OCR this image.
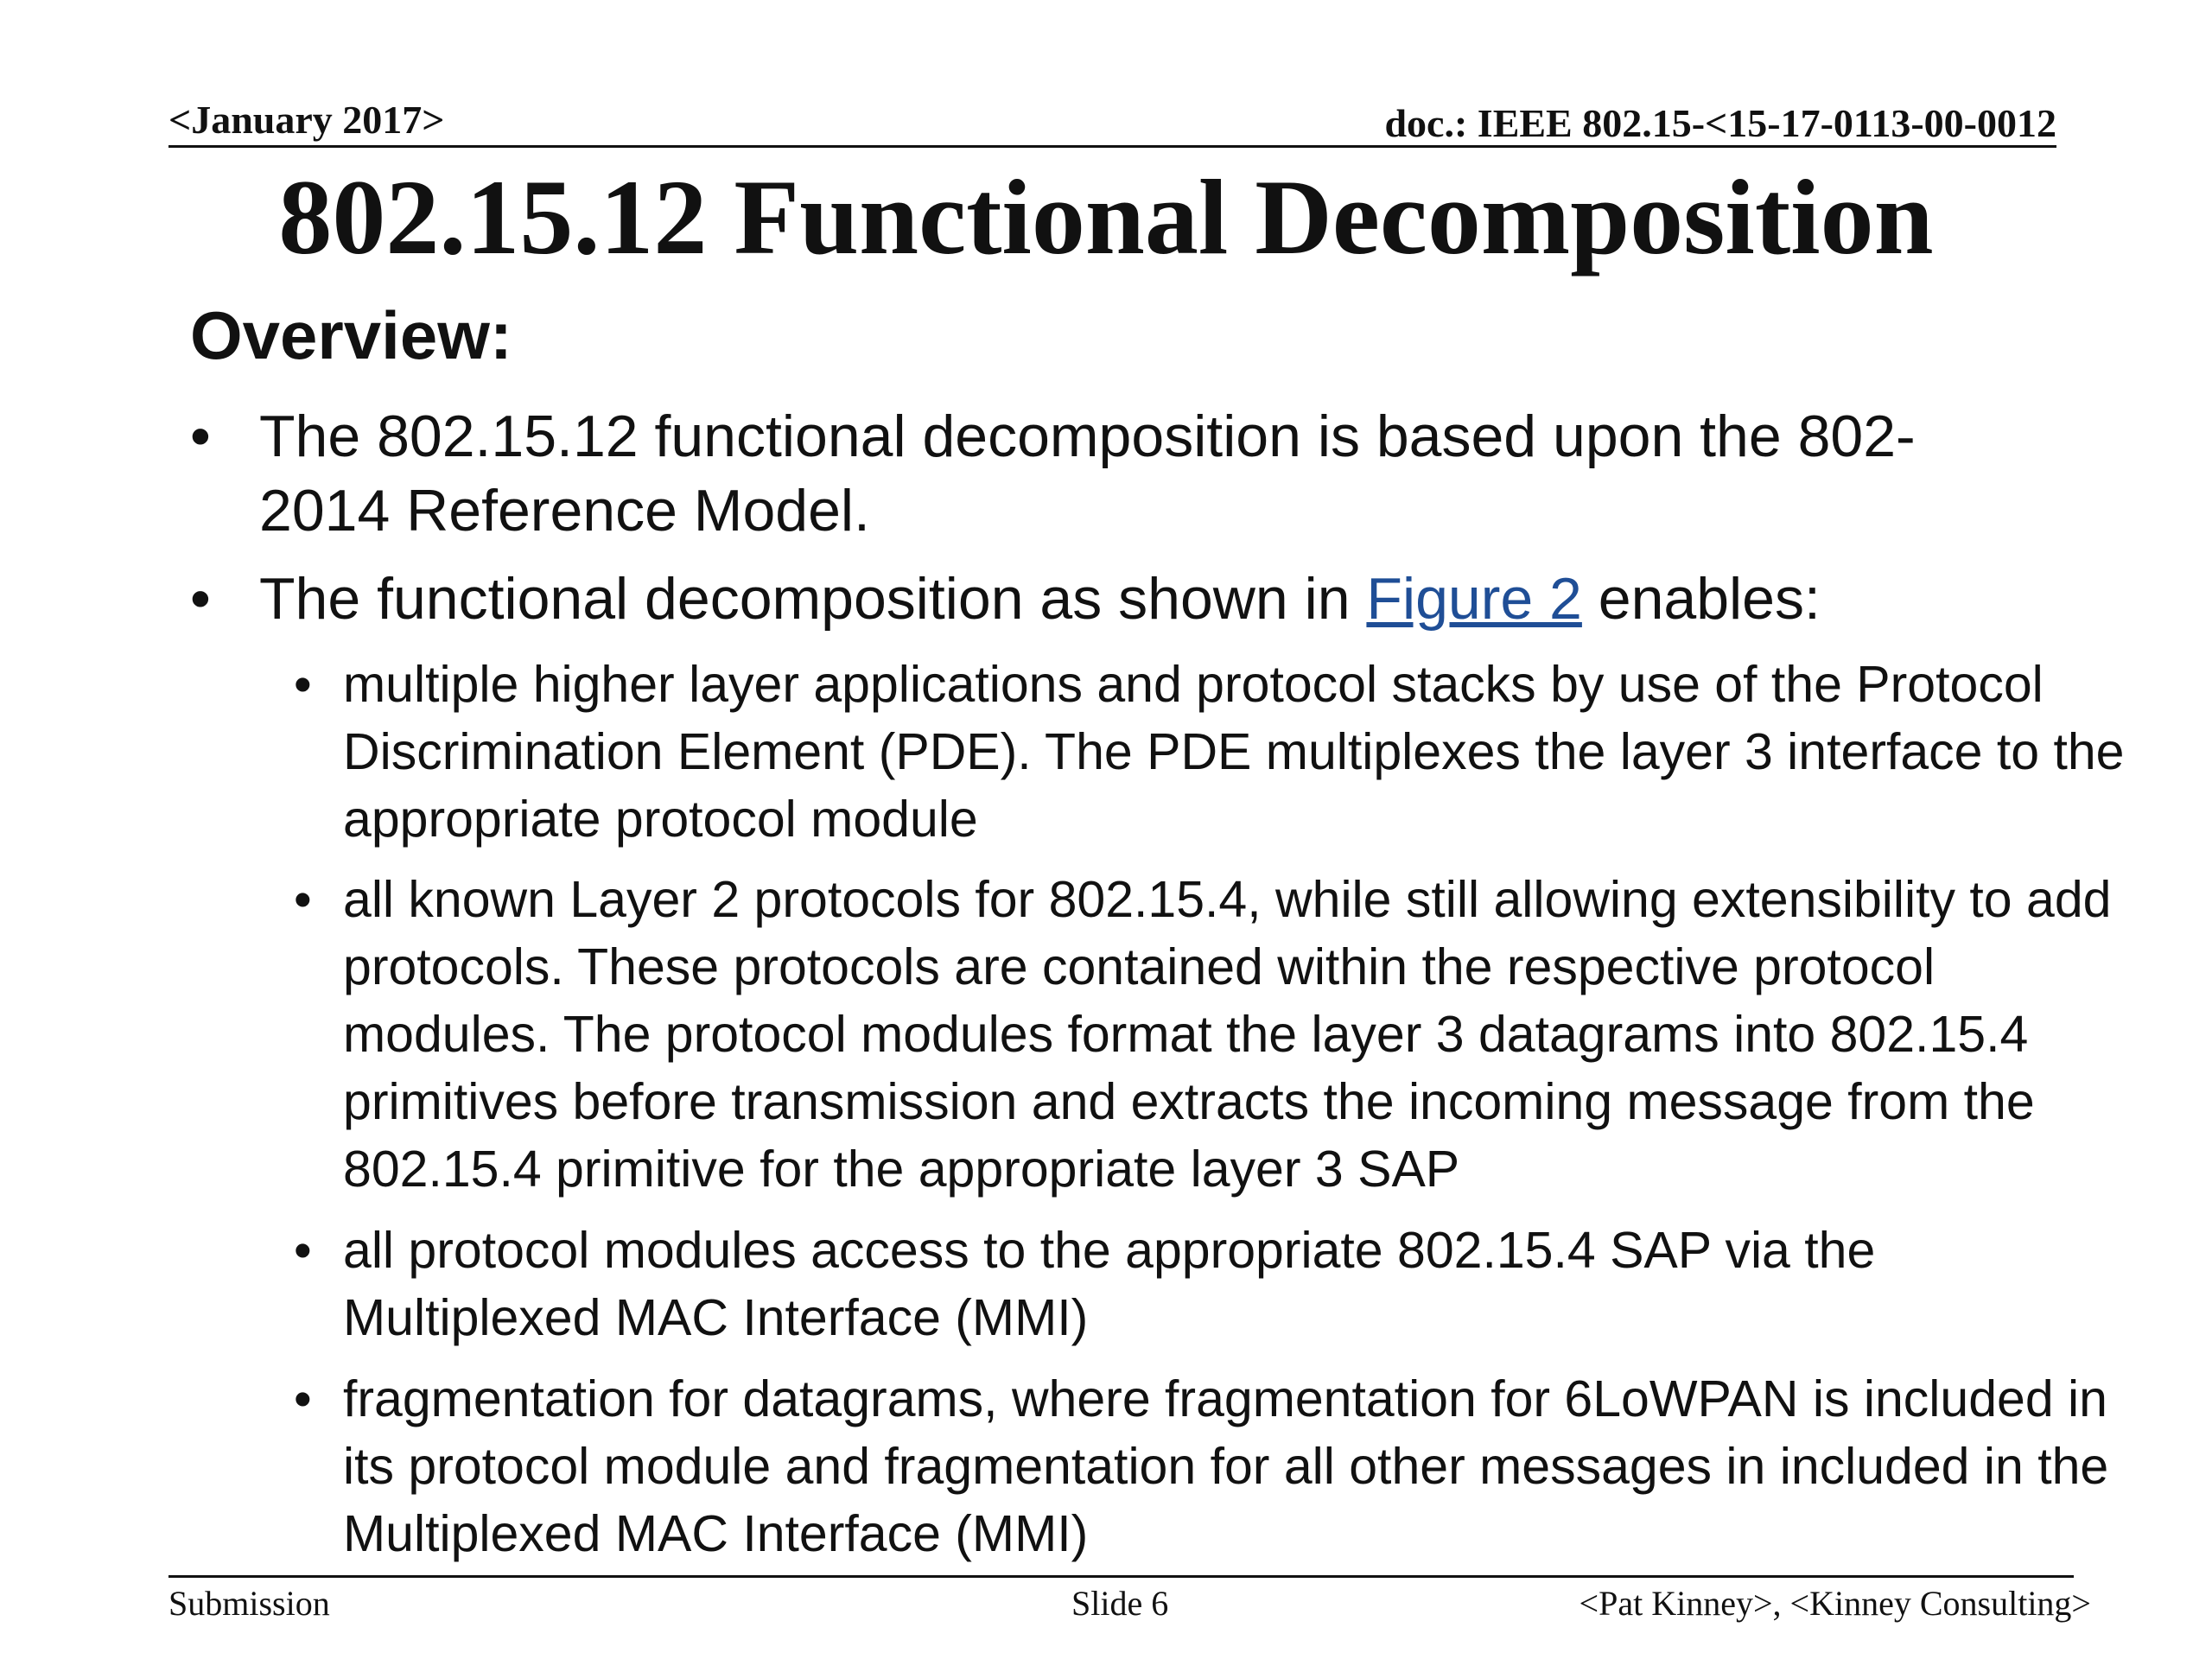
<January 2017>	doc.: IEEE 802.15-<15-17-0113-00-0012
802.15.12 Functional Decomposition
Overview:
• The 802.15.12 functional decomposition is based upon the 802-2014 Reference Model.
• The functional decomposition as shown in Figure 2 enables:
• multiple higher layer applications and protocol stacks by use of the Protocol Discrimination Element (PDE). The PDE multiplexes the layer 3 interface to the appropriate protocol module
• all known Layer 2 protocols for 802.15.4, while still allowing extensibility to add protocols. These protocols are contained within the respective protocol modules. The protocol modules format the layer 3 datagrams into 802.15.4 primitives before transmission and extracts the incoming message from the 802.15.4 primitive for the appropriate layer 3 SAP
• all protocol modules access to the appropriate 802.15.4 SAP via the Multiplexed MAC Interface (MMI)
• fragmentation for datagrams, where fragmentation for 6LoWPAN is included in its protocol module and fragmentation for all other messages in included in the Multiplexed MAC Interface (MMI)
Submission	Slide 6	<Pat Kinney>, <Kinney Consulting>
